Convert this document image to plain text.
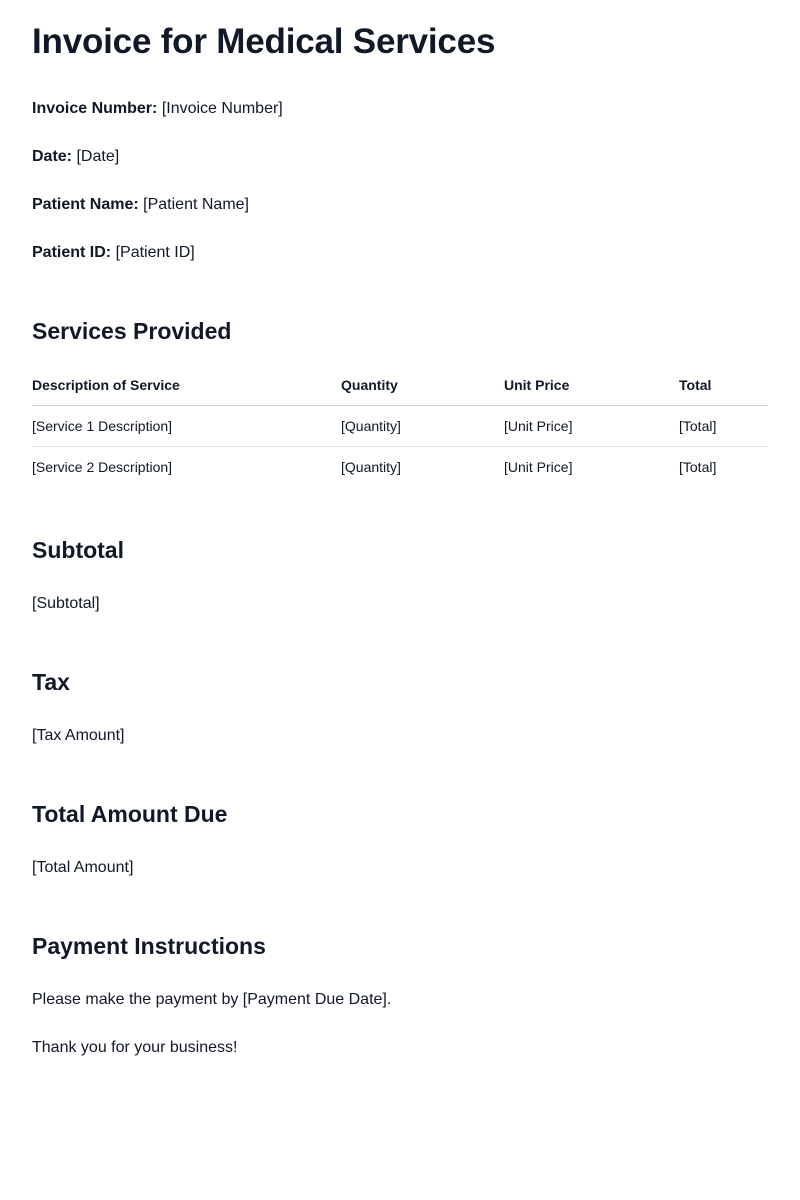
Invoice for Medical Services
Invoice Number: [Invoice Number]
Date: [Date]
Patient Name: [Patient Name]
Patient ID: [Patient ID]
Services Provided
Description of Service	Quantity	Unit Price	Total
[Service 1 Description]	[Quantity]	[Unit Price]	[Total]
[Service 2 Description]	[Quantity]	[Unit Price]	[Total]
Subtotal
[Subtotal]
Tax
[Tax Amount]
Total Amount Due
[Total Amount]
Payment Instructions
Please make the payment by [Payment Due Date].
Thank you for your business!
